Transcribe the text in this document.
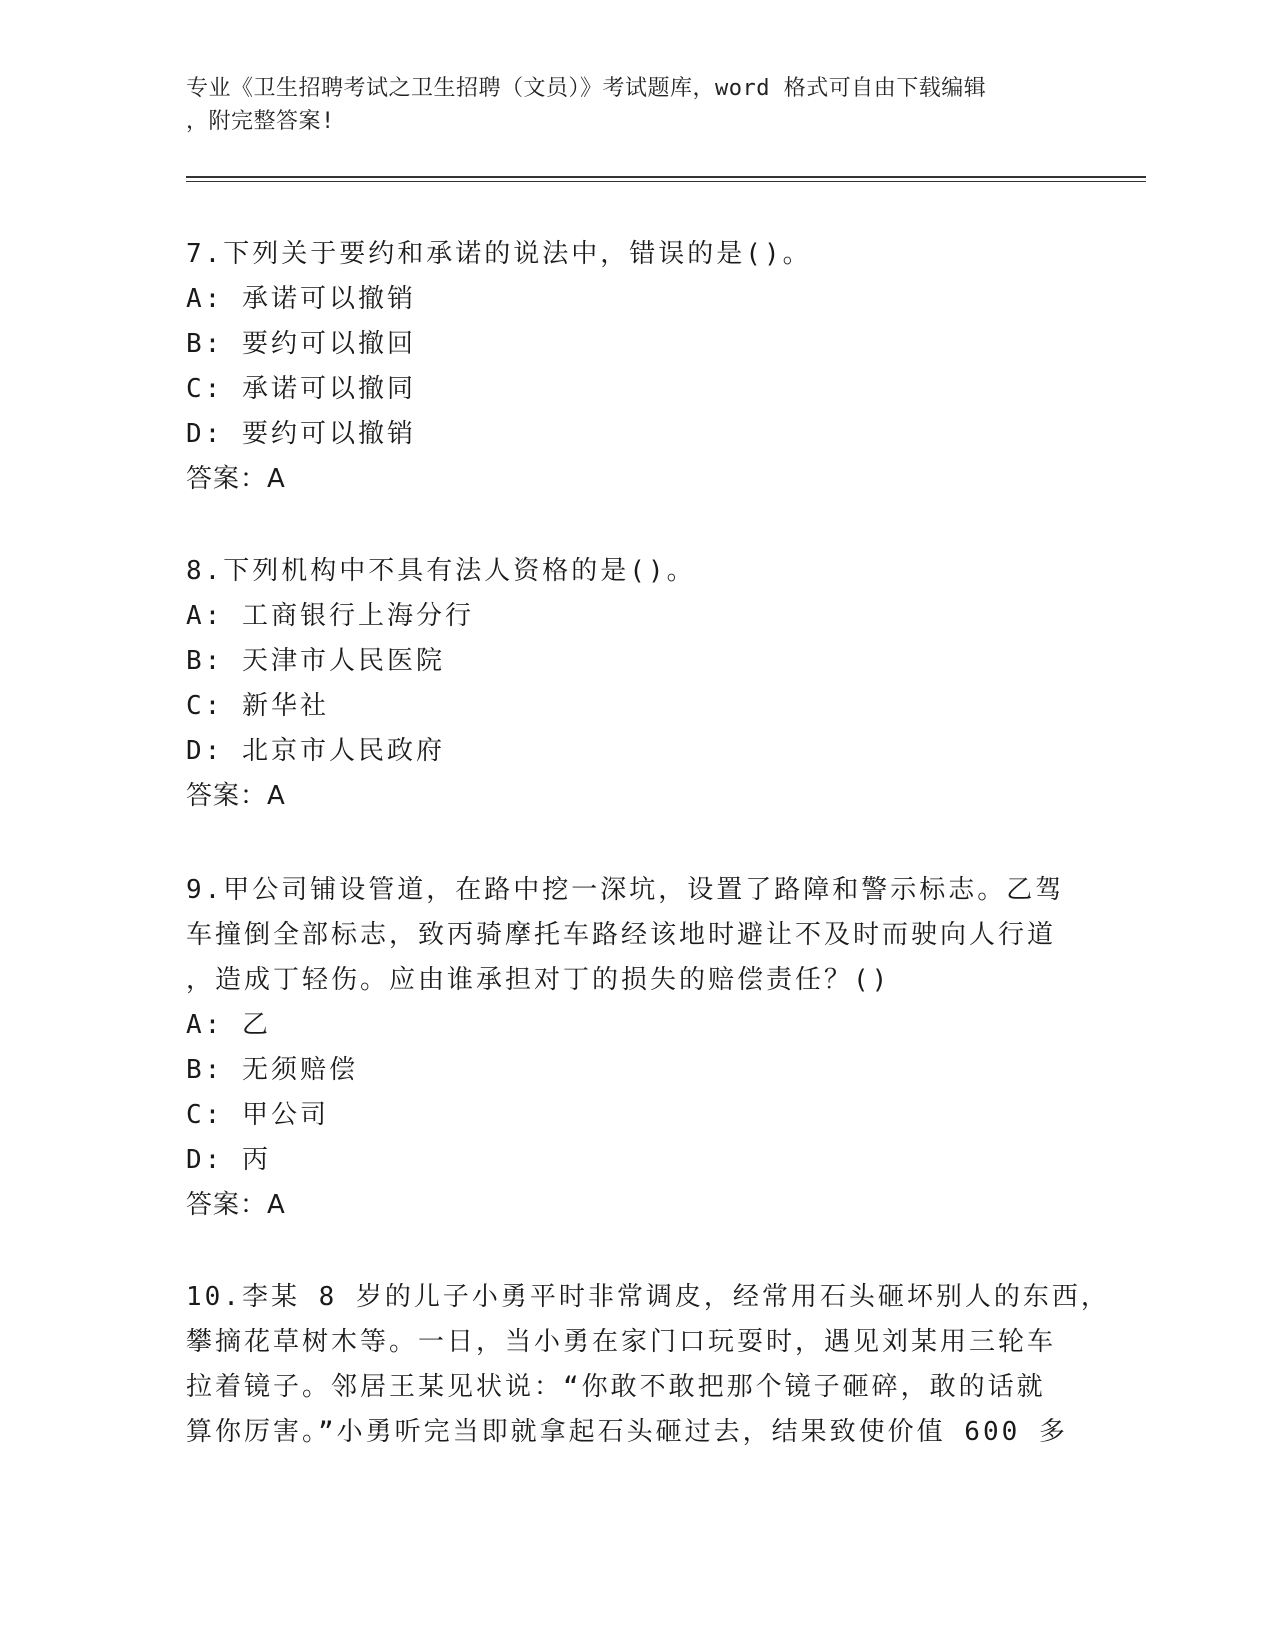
专业《卫生招聘考试之卫生招聘（文员）》考试题库，word 格式可自由下载编辑
，附完整答案!
7.下列关于要约和承诺的说法中，错误的是()。
A: 承诺可以撤销
B: 要约可以撤回
C: 承诺可以撤同
D: 要约可以撤销
答案：A
8.下列机构中不具有法人资格的是()。
A: 工商银行上海分行
B: 天津市人民医院
C: 新华社
D: 北京市人民政府
答案：A
9.甲公司铺设管道，在路中挖一深坑，设置了路障和警示标志。乙驾
车撞倒全部标志，致丙骑摩托车路经该地时避让不及时而驶向人行道
，造成丁轻伤。应由谁承担对丁的损失的赔偿责任？()
A: 乙
B: 无须赔偿
C: 甲公司
D: 丙
答案：A
10.李某 8 岁的儿子小勇平时非常调皮，经常用石头砸坏别人的东西，
攀摘花草树木等。一日，当小勇在家门口玩耍时，遇见刘某用三轮车
拉着镜子。邻居王某见状说：“你敢不敢把那个镜子砸碎，敢的话就
算你厉害。”小勇听完当即就拿起石头砸过去，结果致使价值 600 多
